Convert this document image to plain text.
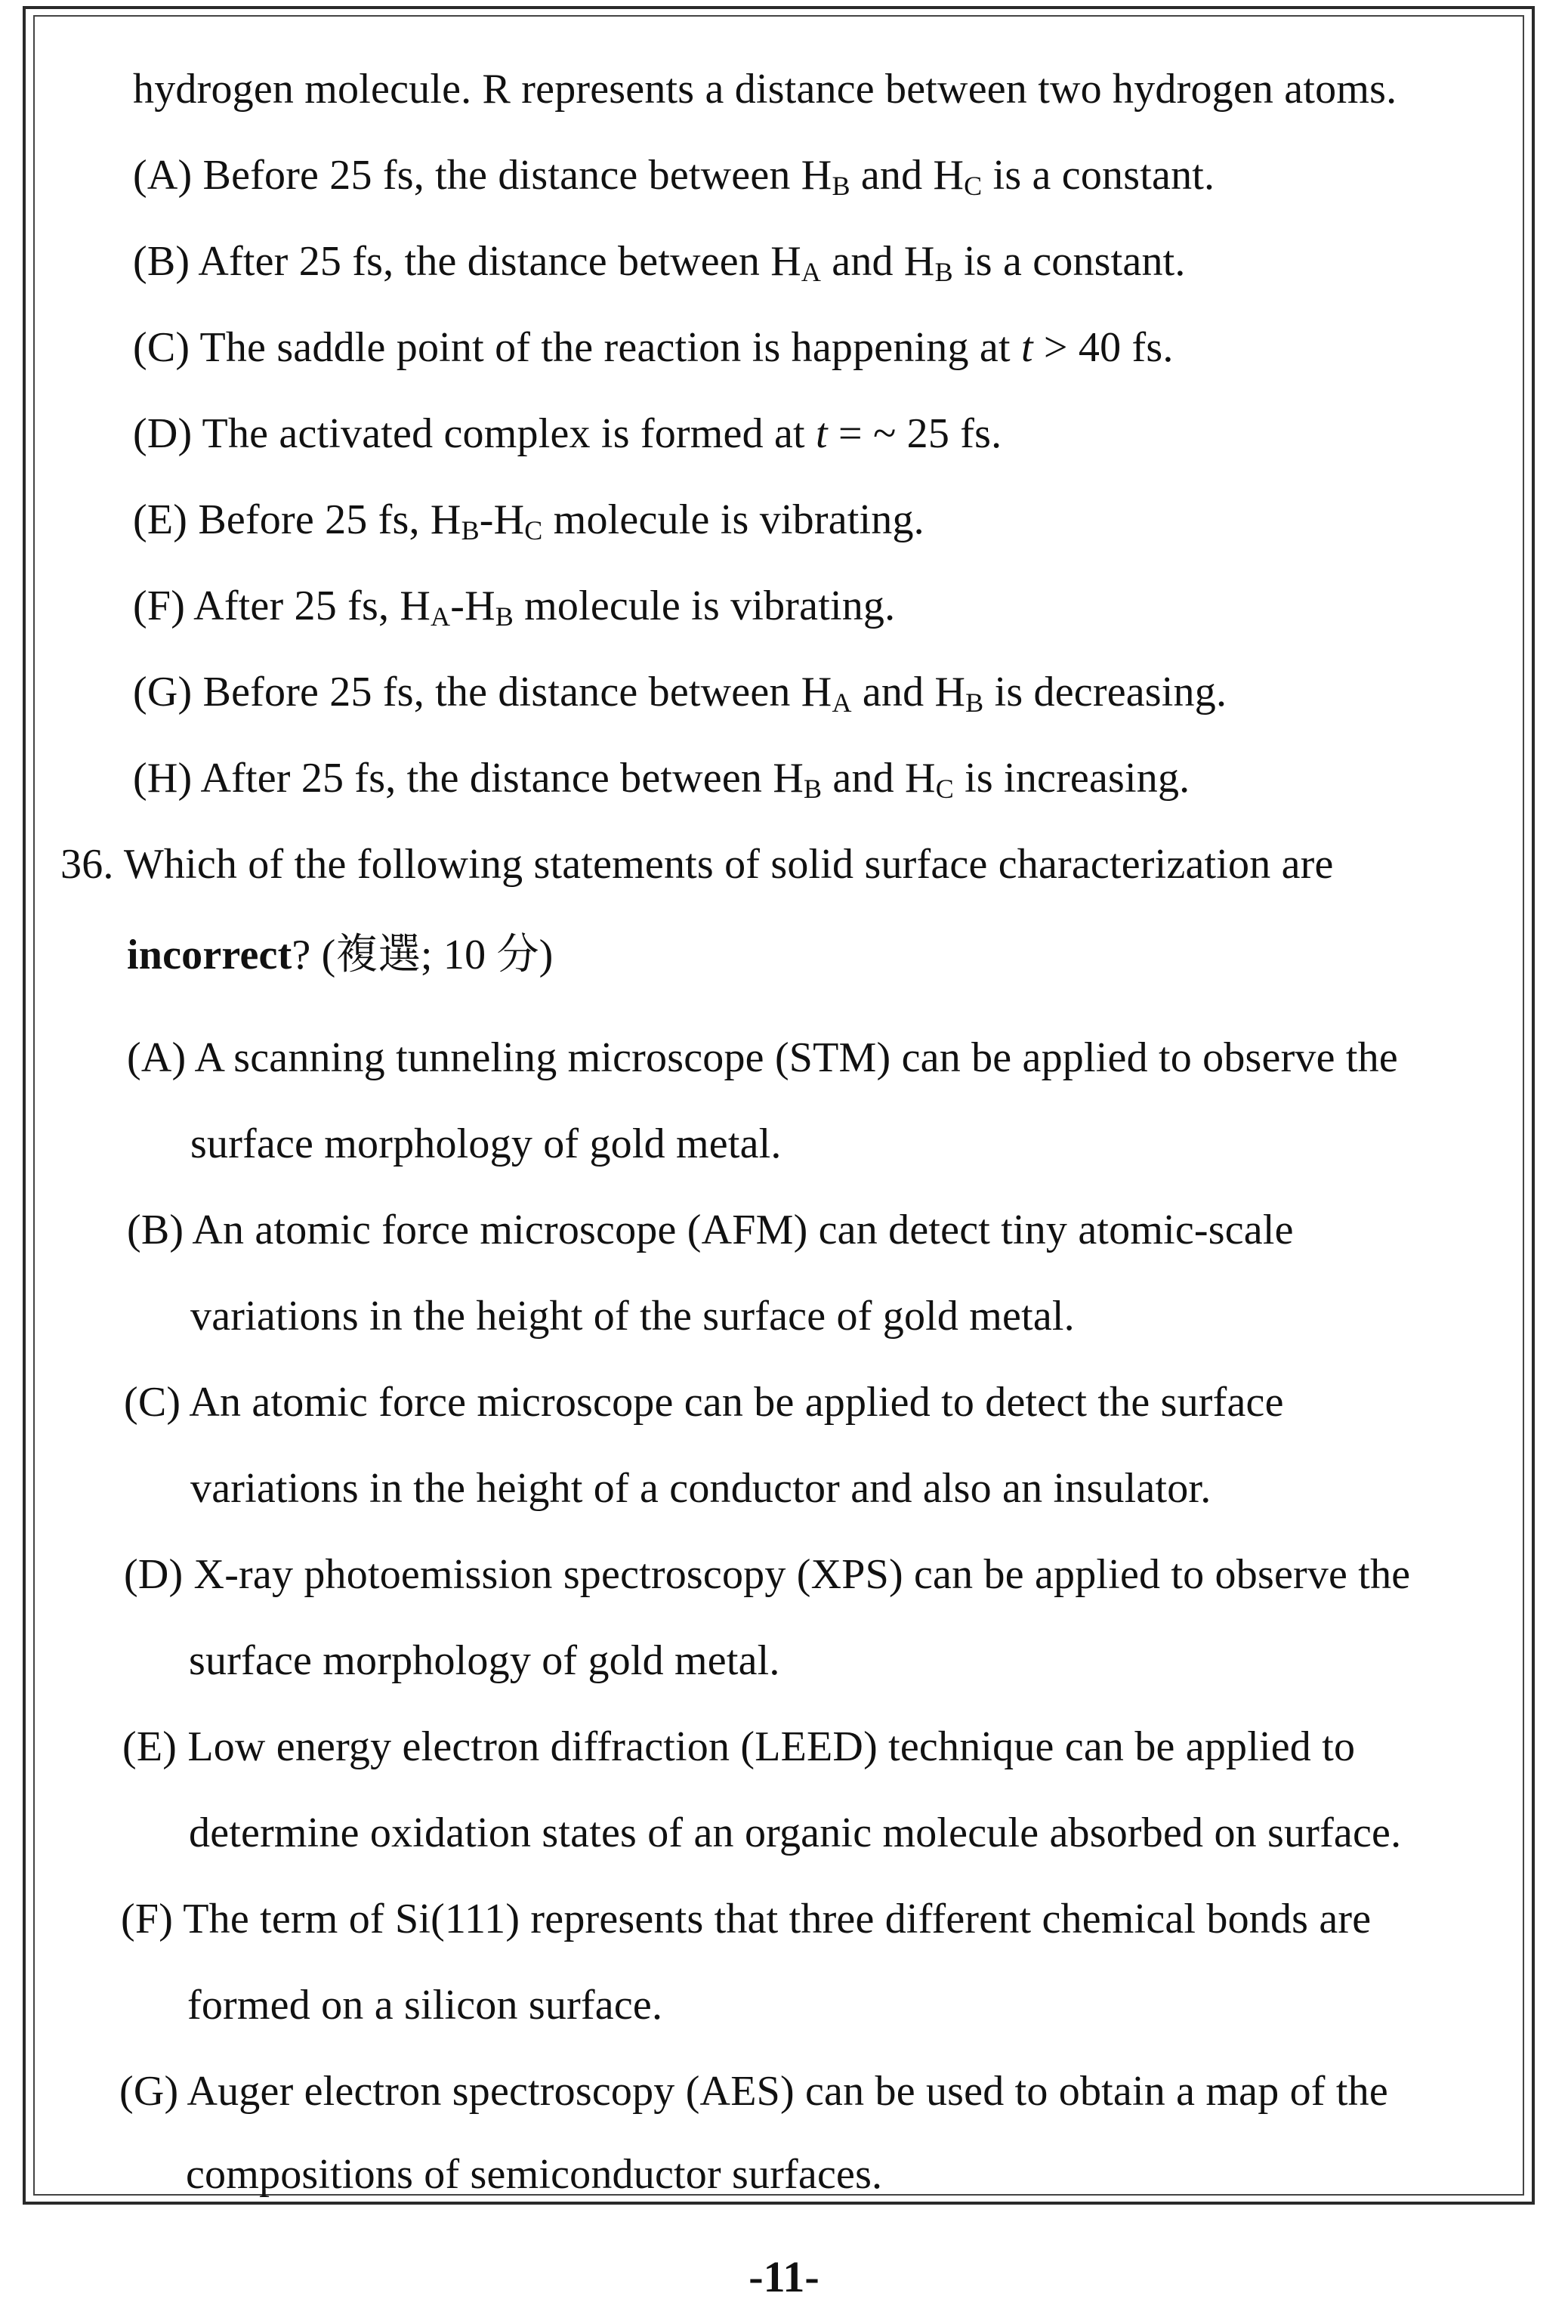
hydrogen molecule. R represents a distance between two hydrogen atoms.
(A) Before 25 fs, the distance between $H_B$ and $H_C$ is a constant.
(B) After 25 fs, the distance between $H_A$ and $H_B$ is a constant.
(C) The saddle point of the reaction is happening at t > 40 fs.
(D) The activated complex is formed at t = ~ 25 fs.
(E) Before 25 fs, $H_B-H_C$ molecule is vibrating.
(F) After 25 fs, $H_A-H_B$ molecule is vibrating.
(G) Before 25 fs, the distance between $H_A$ and $H_B$ is decreasing.
(H) After 25 fs, the distance between $H_B$ and $H_C$ is increasing.
36. Which of the following statements of solid surface characterization are
incorrect? (複選; 10 分)
(A) A scanning tunneling microscope (STM) can be applied to observe the
surface morphology of gold metal.
(B) An atomic force microscope (AFM) can detect tiny atomic-scale
variations in the height of the surface of gold metal.
(C) An atomic force microscope can be applied to detect the surface
variations in the height of a conductor and also an insulator.
(D) X-ray photoemission spectroscopy (XPS) can be applied to observe the
surface morphology of gold metal.
(E) Low energy electron diffraction (LEED) technique can be applied to
determine oxidation states of an organic molecule absorbed on surface.
(F) The term of Si(111) represents that three different chemical bonds are
formed on a silicon surface.
(G) Auger electron spectroscopy (AES) can be used to obtain a map of the
compositions of semiconductor surfaces.
-11-
